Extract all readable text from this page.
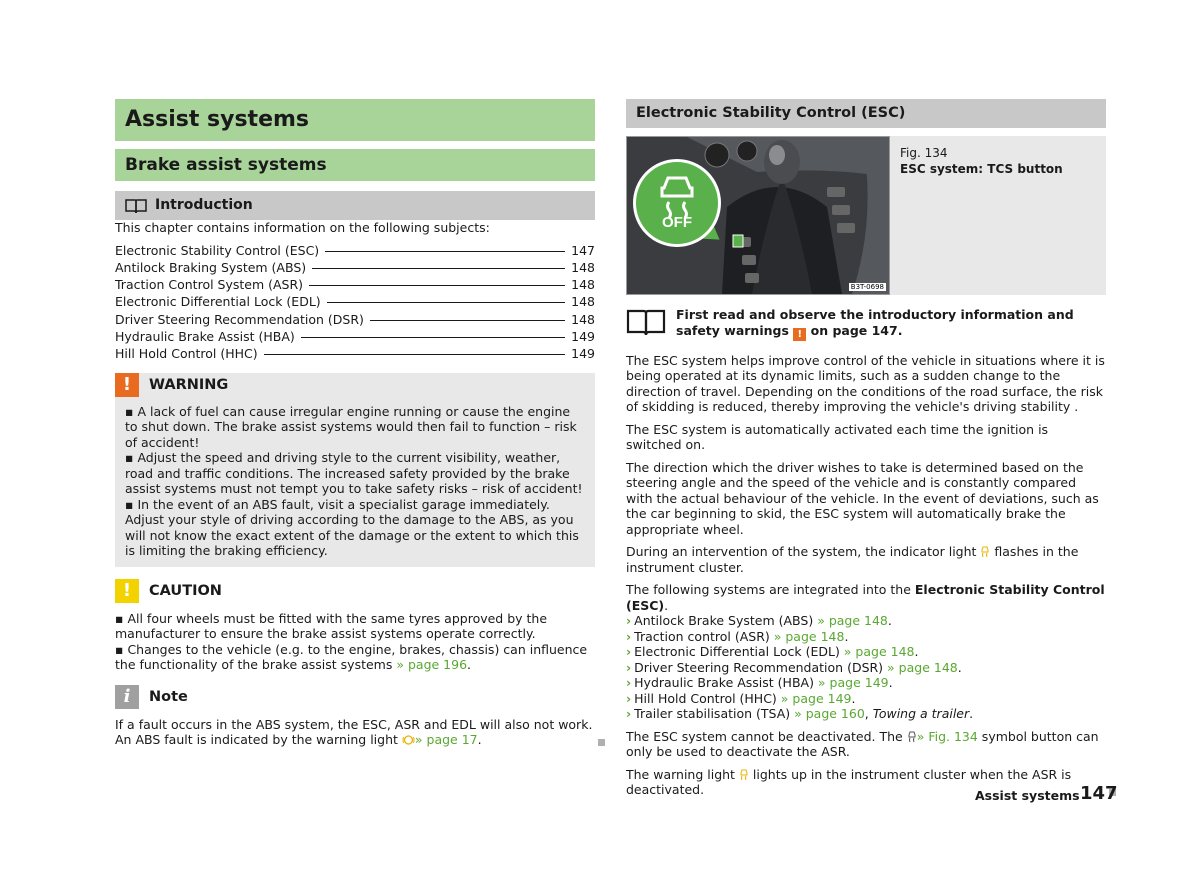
Assist systems
Brake assist systems
Introduction

This chapter contains information on the following subjects:

Electronic Stability Control (ESC)	147
Antilock Braking System (ABS)	148
Traction Control System (ASR)	148
Electronic Differential Lock (EDL)	148
Driver Steering Recommendation (DSR)	148
Hydraulic Brake Assist (HBA)	149
Hill Hold Control (HHC)	149
!	WARNING
▪ A lack of fuel can cause irregular engine running or cause the engine to shut down. The brake assist systems would then fail to function – risk of accident!
▪ Adjust the speed and driving style to the current visibility, weather, road and traffic conditions. The increased safety provided by the brake assist systems must not tempt you to take safety risks – risk of accident!
▪ In the event of an ABS fault, visit a specialist garage immediately. Adjust your style of driving according to the damage to the ABS, as you will not know the exact extent of the damage or the extent to which this is limiting the braking efficiency.
!	CAUTION
▪ All four wheels must be fitted with the same tyres approved by the manufacturer to ensure the brake assist systems operate correctly.
▪ Changes to the vehicle (e.g. to the engine, brakes, chassis) can influence the functionality of the brake assist systems » page 196.
i	Note
If a fault occurs in the ABS system, the ESC, ASR and EDL will also not work. An ABS fault is indicated by the warning light » page 17.
Electronic Stability Control (ESC)
OFF
B3T-0698
Fig. 134
ESC system: TCS button
First read and observe the introductory information and safety warnings ! on page 147.

The ESC system helps improve control of the vehicle in situations where it is being operated at its dynamic limits, such as a sudden change to the direction of travel. Depending on the conditions of the road surface, the risk of skidding is reduced, thereby improving the vehicle's driving stability .

The ESC system is automatically activated each time the ignition is switched on.

The direction which the driver wishes to take is determined based on the steering angle and the speed of the vehicle and is constantly compared with the actual behaviour of the vehicle. In the event of deviations, such as the car beginning to skid, the ESC system will automatically brake the appropriate wheel.

During an intervention of the system, the indicator light  flashes in the instrument cluster.

The following systems are integrated into the Electronic Stability Control (ESC).
› Antilock Brake System (ABS) » page 148.
› Traction control (ASR) » page 148.
› Electronic Differential Lock (EDL) » page 148.
› Driver Steering Recommendation (DSR) » page 148.
› Hydraulic Brake Assist (HBA) » page 149.
› Hill Hold Control (HHC) » page 149.
› Trailer stabilisation (TSA) » page 160, Towing a trailer.

The ESC system cannot be deactivated. The » Fig. 134 symbol button can only be used to deactivate the ASR.

The warning light  lights up in the instrument cluster when the ASR is deactivated.	Assist systems 147
